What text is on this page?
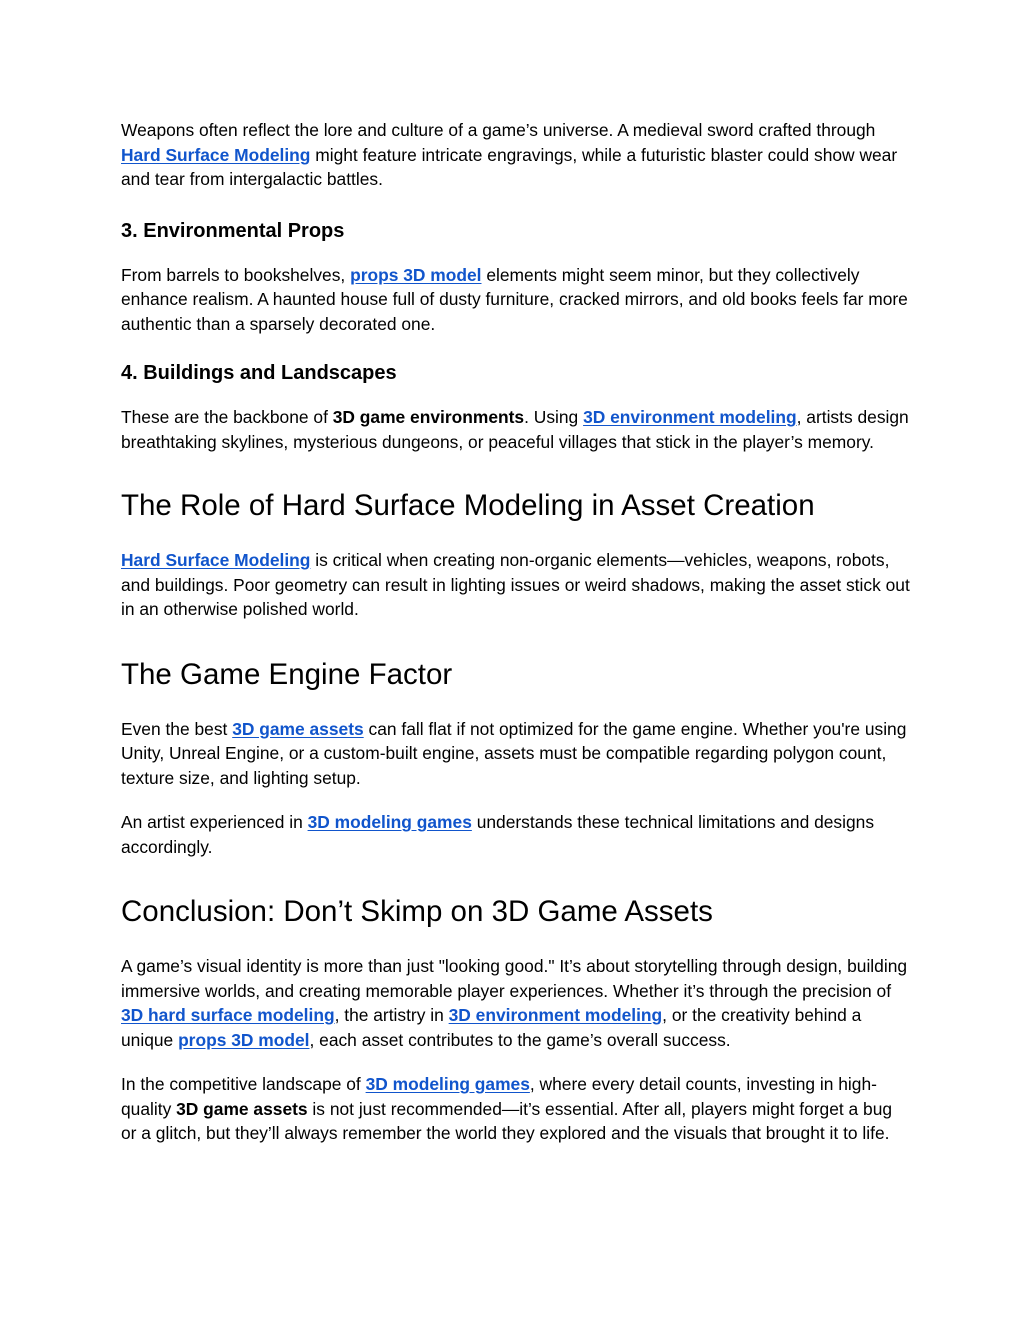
Weapons often reflect the lore and culture of a game’s universe. A medieval sword crafted through Hard Surface Modeling might feature intricate engravings, while a futuristic blaster could show wear and tear from intergalactic battles.

3. Environmental Props

From barrels to bookshelves, props 3D model elements might seem minor, but they collectively enhance realism. A haunted house full of dusty furniture, cracked mirrors, and old books feels far more authentic than a sparsely decorated one.

4. Buildings and Landscapes

These are the backbone of 3D game environments. Using 3D environment modeling, artists design breathtaking skylines, mysterious dungeons, or peaceful villages that stick in the player’s memory.

The Role of Hard Surface Modeling in Asset Creation

Hard Surface Modeling is critical when creating non-organic elements—vehicles, weapons, robots, and buildings. Poor geometry can result in lighting issues or weird shadows, making the asset stick out in an otherwise polished world.

The Game Engine Factor

Even the best 3D game assets can fall flat if not optimized for the game engine. Whether you're using Unity, Unreal Engine, or a custom-built engine, assets must be compatible regarding polygon count, texture size, and lighting setup.

An artist experienced in 3D modeling games understands these technical limitations and designs accordingly.

Conclusion: Don’t Skimp on 3D Game Assets

A game’s visual identity is more than just "looking good." It’s about storytelling through design, building immersive worlds, and creating memorable player experiences. Whether it’s through the precision of 3D hard surface modeling, the artistry in 3D environment modeling, or the creativity behind a unique props 3D model, each asset contributes to the game’s overall success.

In the competitive landscape of 3D modeling games, where every detail counts, investing in high-quality 3D game assets is not just recommended—it’s essential. After all, players might forget a bug or a glitch, but they’ll always remember the world they explored and the visuals that brought it to life.
